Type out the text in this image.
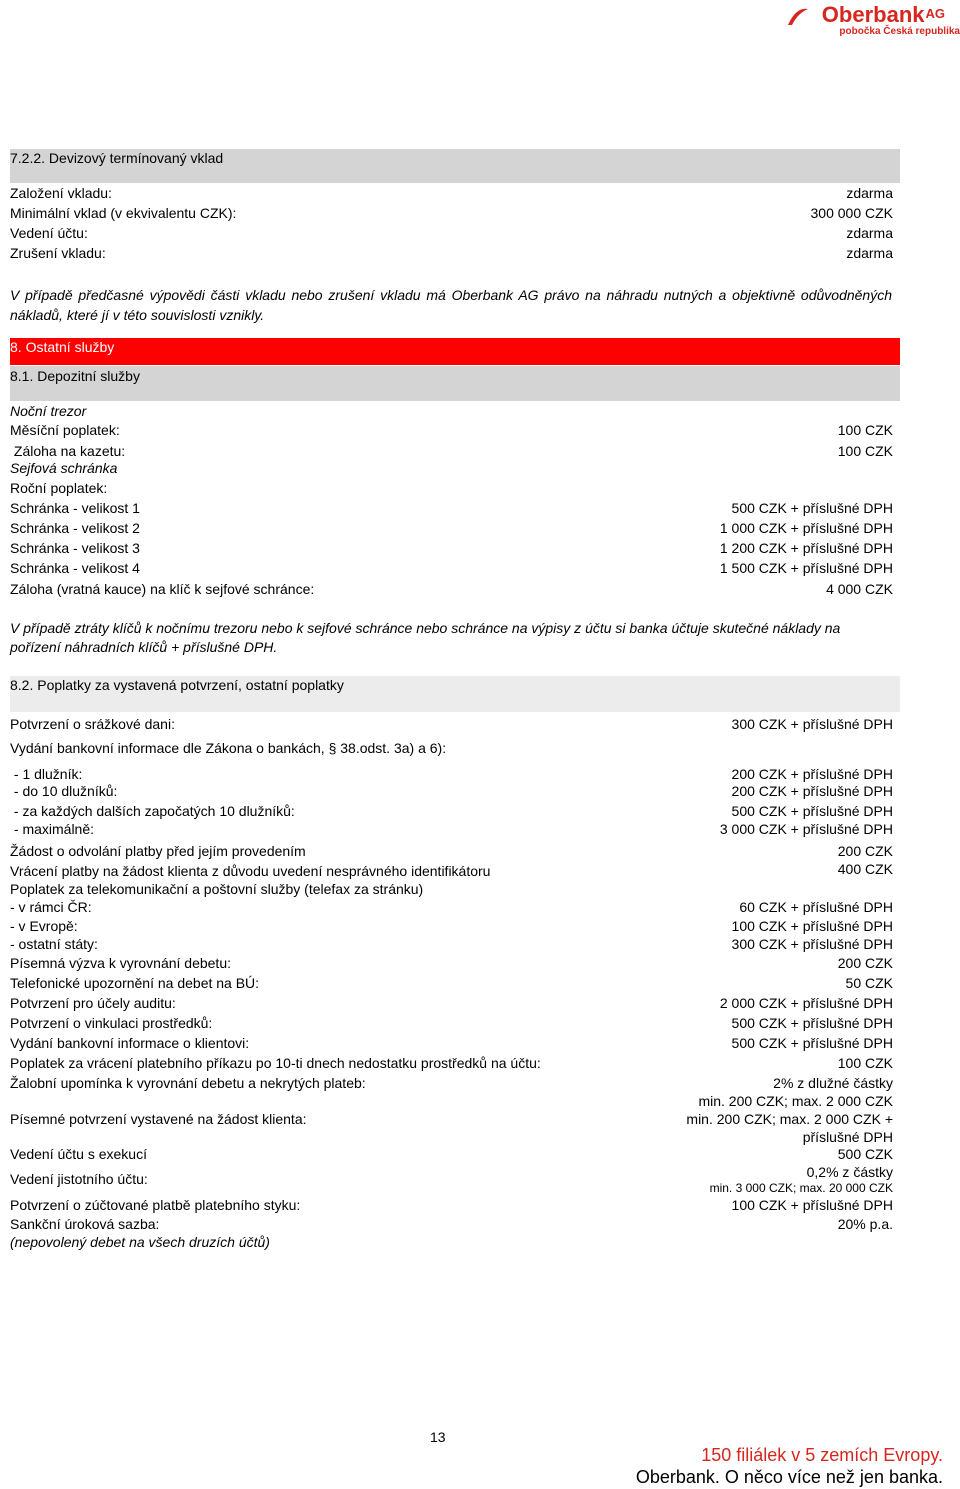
Oberbank$^{AG}$
pobočka Česká republika
7.2.2. Devizový termínovaný vklad
Založení vkladu:	zdarma
Minimální vklad (v ekvivalentu CZK):	300 000 CZK
Vedení účtu:	zdarma
Zrušení vkladu:	zdarma
V případě předčasné výpovědi části vkladu nebo zrušení vkladu má Oberbank AG právo na náhradu nutných a objektivně odůvodněných nákladů, které jí v této souvislosti vznikly.
8. Ostatní služby
8.1. Depozitní služby
Noční trezor
Měsíční poplatek:	100 CZK
Záloha na kazetu:	100 CZK
Sejfová schránka
Roční poplatek:
Schránka - velikost 1	500 CZK + příslušné DPH
Schránka - velikost 2	1 000 CZK + příslušné DPH
Schránka - velikost 3	1 200 CZK + příslušné DPH
Schránka - velikost 4	1 500 CZK + příslušné DPH
Záloha (vratná kauce) na klíč k sejfové schránce:	4 000 CZK
V případě ztráty klíčů k nočnímu trezoru nebo k sejfové schránce nebo schránce na výpisy z účtu si banka účtuje skutečné náklady na pořízení náhradních klíčů + příslušné DPH.
8.2. Poplatky za vystavená potvrzení, ostatní poplatky
Potvrzení o srážkové dani:	300 CZK + příslušné DPH
Vydání bankovní informace dle Zákona o bankách, § 38.odst. 3a) a 6):
- 1 dlužník:	200 CZK + příslušné DPH
- do 10 dlužníků:	200 CZK + příslušné DPH
- za každých dalších započatých 10 dlužníků:	500 CZK + příslušné DPH
- maximálně:	3 000 CZK + příslušné DPH
Žádost o odvolání platby před jejím provedením	200 CZK
Vrácení platby na žádost klienta z důvodu uvedení nesprávného identifikátoru	400 CZK
Poplatek za telekomunikační a poštovní služby (telefax za stránku)
- v rámci ČR:	60 CZK + příslušné DPH
- v Evropě:	100 CZK + příslušné DPH
- ostatní státy:	300 CZK + příslušné DPH
Písemná výzva k vyrovnání debetu:	200 CZK
Telefonické upozornění na debet na BÚ:	50 CZK
Potvrzení pro účely auditu:	2 000 CZK + příslušné DPH
Potvrzení o vinkulaci prostředků:	500 CZK + příslušné DPH
Vydání bankovní informace o klientovi:	500 CZK + příslušné DPH
Poplatek za vrácení platebního příkazu po 10-ti dnech nedostatku prostředků na účtu:	100 CZK
Žalobní upomínka k vyrovnání debetu a nekrytých plateb:	2% z dlužné částky
min. 200 CZK; max. 2 000 CZK
Písemné potvrzení vystavené na žádost klienta:	min. 200 CZK; max. 2 000 CZK +
příslušné DPH
Vedení účtu s exekucí	500 CZK
Vedení jistotního účtu:	0,2% z částky
min. 3 000 CZK; max. 20 000 CZK
Potvrzení o zúčtované platbě platebního styku:	100 CZK + příslušné DPH
Sankční úroková sazba:	20% p.a.
(nepovolený debet na všech druzích účtů)
13
150 filiálek v 5 zemích Evropy.
Oberbank. O něco více než jen banka.
